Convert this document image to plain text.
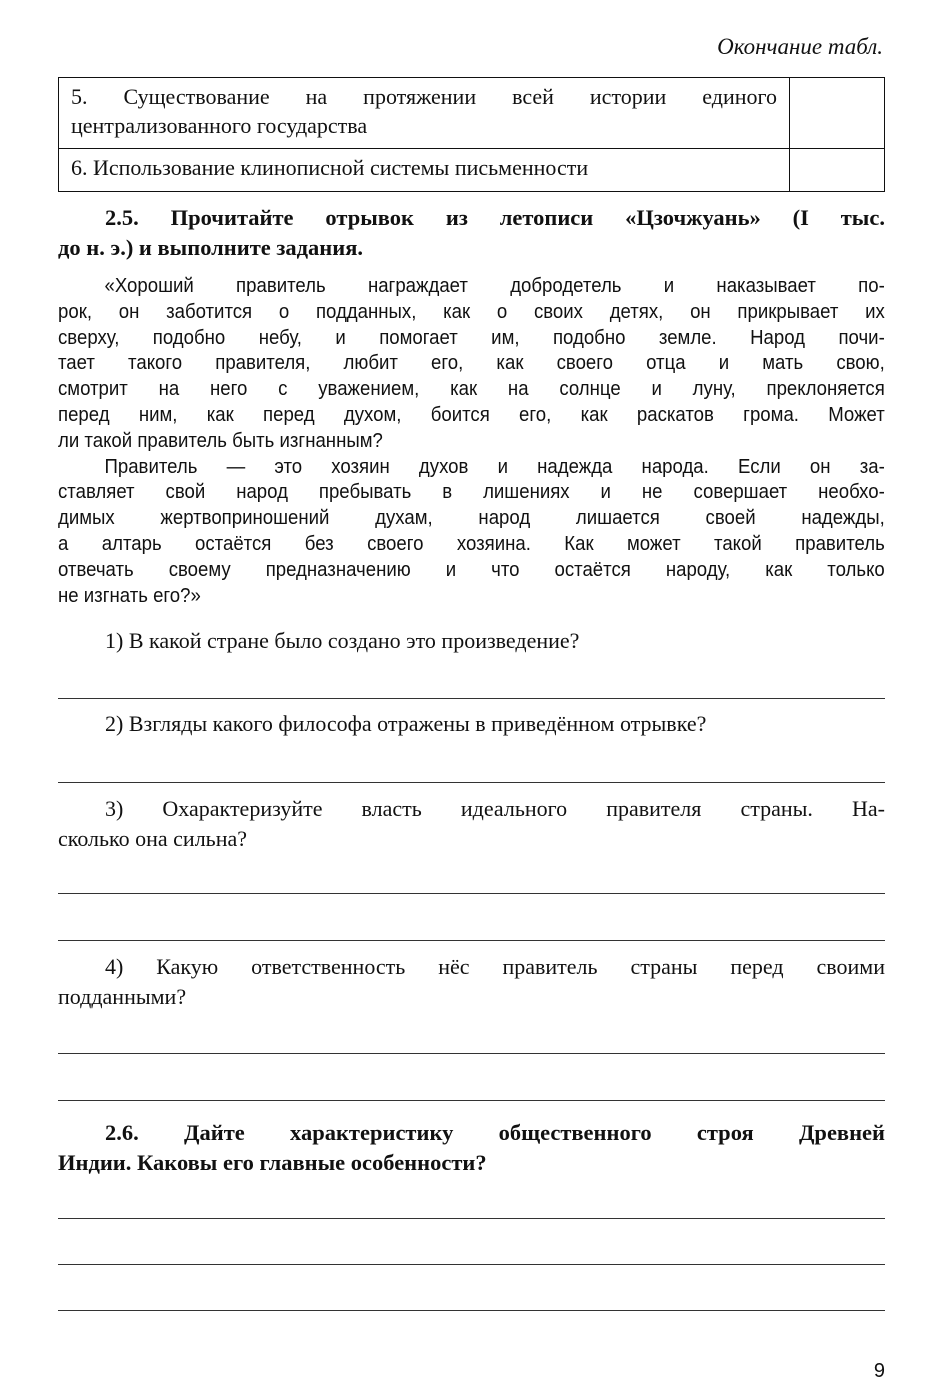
Окончание табл.
5. Существование на протяжении всей истории единого
централизованного государства	

6. Использование клинописной системы письменности	

2.5. Прочитайте отрывок из летописи «Цзочжуань» (I тыс.
до н. э.) и выполните задания.
«Хороший правитель награждает добродетель и наказывает по-
рок, он заботится о подданных, как о своих детях, он прикрывает их
сверху, подобно небу, и помогает им, подобно земле. Народ почи-
тает такого правителя, любит его, как своего отца и мать свою,
смотрит на него с уважением, как на солнце и луну, преклоняется
перед ним, как перед духом, боится его, как раскатов грома. Может
ли такой правитель быть изгнанным?
Правитель — это хозяин духов и надежда народа. Если он за-
ставляет свой народ пребывать в лишениях и не совершает необхо-
димых жертвоприношений духам, народ лишается своей надежды,
а алтарь остаётся без своего хозяина. Как может такой правитель
отвечать своему предназначению и что остаётся народу, как только
не изгнать его?»
1) В какой стране было создано это произведение?
2) Взгляды какого философа отражены в приведённом отрывке?
3) Охарактеризуйте власть идеального правителя страны. На-
сколько она сильна?
4) Какую ответственность нёс правитель страны перед своими
подданными?
2.6. Дайте характеристику общественного строя Древней
Индии. Каковы его главные особенности?
9
